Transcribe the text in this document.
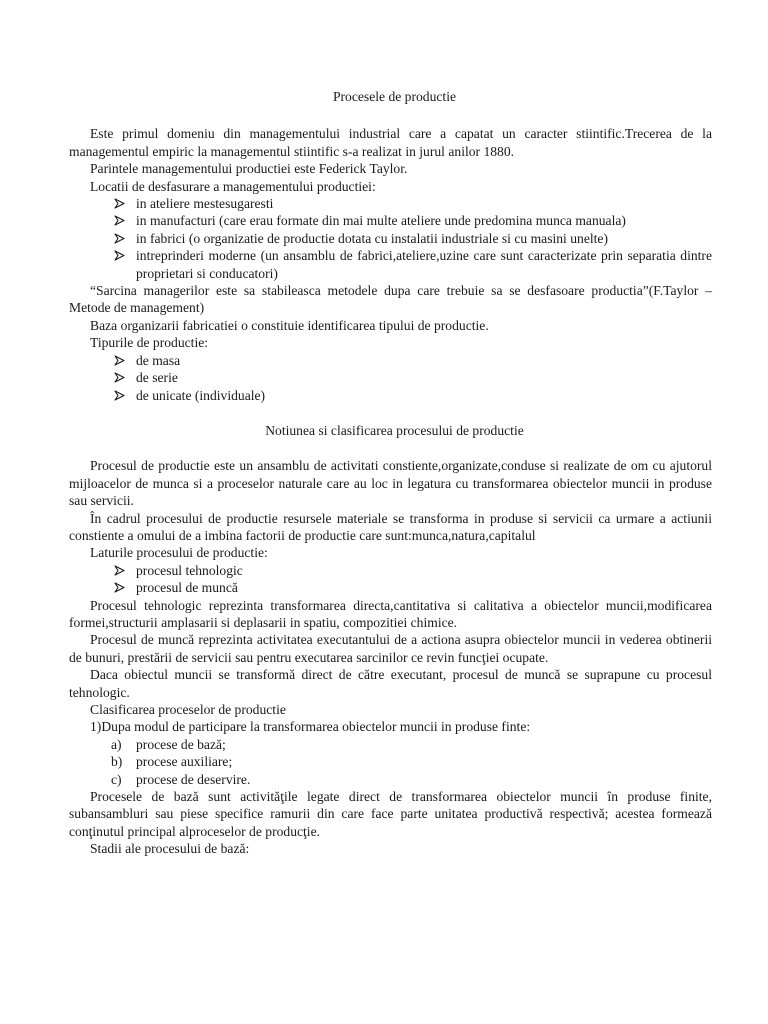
Procesele de productie

Este primul domeniu din managementului industrial care a capatat un caracter stiintific.Trecerea de la managementul empiric la managementul stiintific s-a realizat in jurul anilor 1880.

Parintele managementului productiei este Federick Taylor.

Locatii de desfasurare a managementului productiei:

in ateliere mestesugaresti
in manufacturi (care erau formate din mai multe ateliere unde predomina munca manuala)
in fabrici (o organizatie de productie dotata cu instalatii industriale si cu masini unelte)
intreprinderi moderne (un ansamblu de fabrici,ateliere,uzine care sunt caracterizate prin separatia dintre proprietari si conducatori)

“Sarcina managerilor este sa stabileasca metodele dupa care trebuie sa se desfasoare productia”(F.Taylor – Metode de management)

Baza organizarii fabricatiei o constituie identificarea tipului de productie.

Tipurile de productie:

de masa
de serie
de unicate (individuale)
Notiunea si clasificarea procesului de productie

Procesul de productie este un ansamblu de activitati constiente,organizate,conduse si realizate de om cu ajutorul mijloacelor de munca si a proceselor naturale care au loc in legatura cu transformarea obiectelor muncii in produse sau servicii.

În cadrul procesului de productie resursele materiale se transforma in produse si servicii ca urmare a actiunii constiente a omului de a imbina factorii de productie care sunt:munca,natura,capitalul

Laturile procesului de productie:

procesul tehnologic
procesul de muncă

Procesul tehnologic reprezinta transformarea directa,cantitativa si calitativa a obiectelor muncii,modificarea formei,structurii amplasarii si deplasarii in spatiu, compozitiei chimice.

Procesul de muncă reprezinta activitatea executantului de a actiona asupra obiectelor muncii in vederea obtinerii de bunuri, prestării de servicii sau pentru executarea sarcinilor ce revin funcţiei ocupate.

Daca obiectul muncii se transformă direct de către executant, procesul de muncă se suprapune cu procesul tehnologic.

Clasificarea proceselor de productie

1)Dupa modul de participare la transformarea obiectelor muncii in produse finte:

a) procese de bază;
b) procese auxiliare;
c) procese de deservire.

Procesele de bază sunt activităţile legate direct de transformarea obiectelor muncii în produse finite, subansambluri sau piese specifice ramurii din care face parte unitatea productivă respectivă; acestea formează conţinutul principal alproceselor de producţie.

Stadii ale procesului de bază:
